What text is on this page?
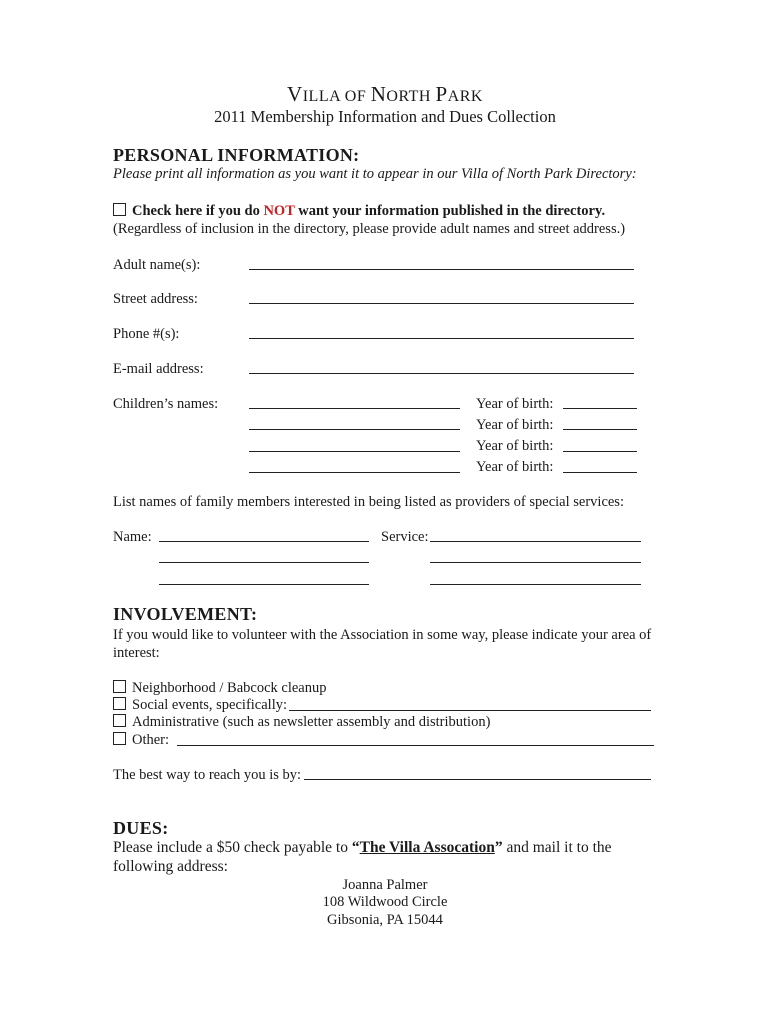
VILLA OF NORTH PARK
2011 Membership Information and Dues Collection
PERSONAL INFORMATION:
Please print all information as you want it to appear in our Villa of North Park Directory:
Check here if you do NOT want your information published in the directory.
(Regardless of inclusion in the directory, please provide adult names and street address.)
Adult name(s):
Street address:
Phone #(s):
E-mail address:
Children’s names:	Year of birth:
Year of birth:
Year of birth:
Year of birth:
List names of family members interested in being listed as providers of special services:
Name:	Service:
INVOLVEMENT:
If you would like to volunteer with the Association in some way, please indicate your area of
interest:
Neighborhood / Babcock cleanup
Social events, specifically:
Administrative (such as newsletter assembly and distribution)
Other:
The best way to reach you is by:
DUES:
Please include a $50 check payable to “The Villa Assocation” and mail it to the
following address:
Joanna Palmer
108 Wildwood Circle
Gibsonia, PA 15044
